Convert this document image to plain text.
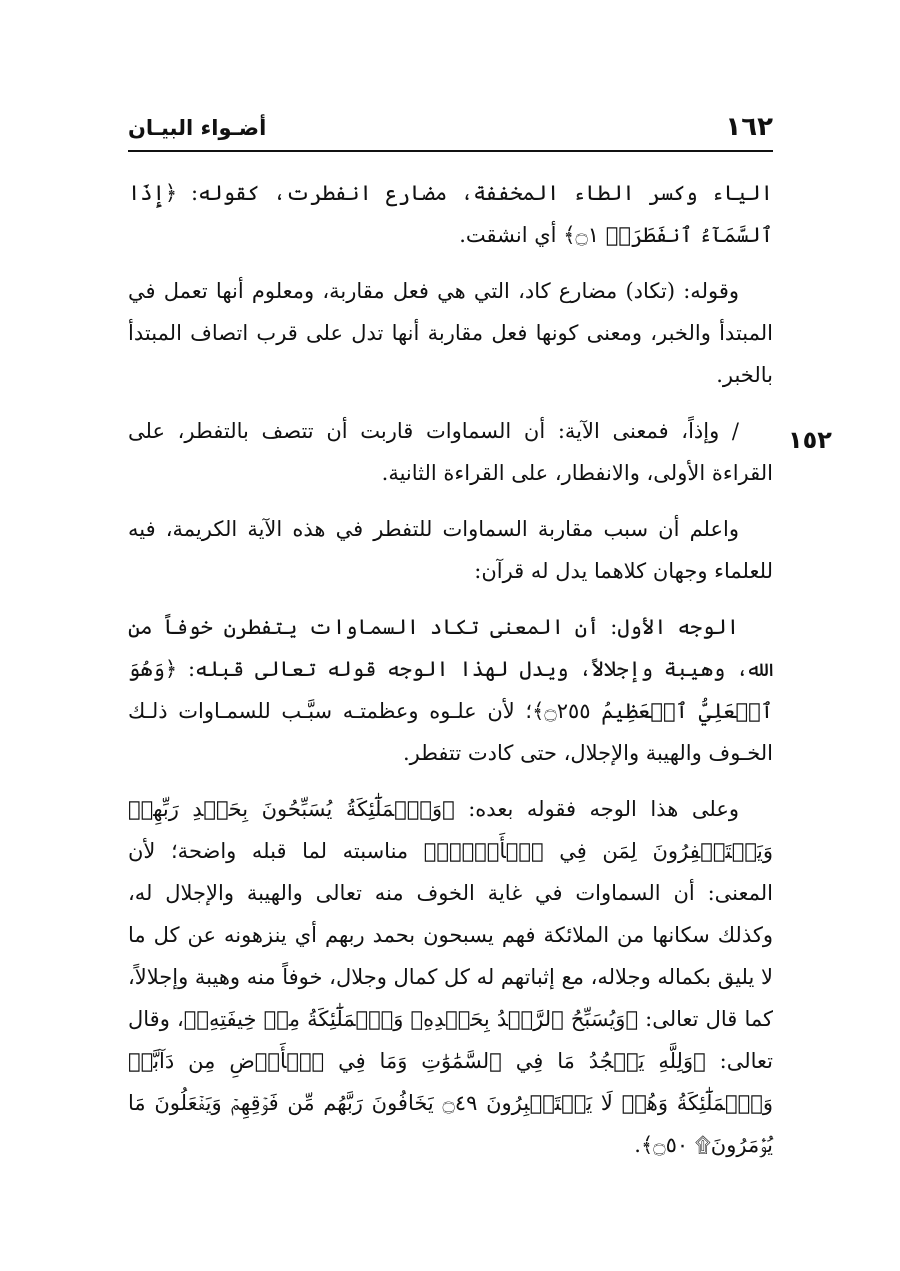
١٦٢
أضـواء البيـان
١٥٢

الياء وكسر الطاء المخففة، مضارع انفطرت، كقوله: ﴿إِذَا ٱلسَّمَآءُ ٱنفَطَرَتۡ ۝١﴾ أي انشقت.

وقوله: (تكاد) مضارع كاد، التي هي فعل مقاربة، ومعلوم أنها تعمل في المبتدأ والخبر، ومعنى كونها فعل مقاربة أنها تدل على قرب اتصاف المبتدأ بالخبر.

/ وإذاً، فمعنى الآية: أن السماوات قاربت أن تتصف بالتفطر، على القراءة الأولى، والانفطار، على القراءة الثانية.

واعلم أن سبب مقاربة السماوات للتفطر في هذه الآية الكريمة، فيه للعلماء وجهان كلاهما يدل له قرآن:

الوجه الأول: أن المعنى تكاد السماوات يتفطرن خوفاً من الله، وهيبة وإجلالاً، ويدل لهذا الوجه قوله تعالى قبله: ﴿وَهُوَ ٱلۡعَلِيُّ ٱلۡعَظِيمُ ۝٢٥٥﴾؛ لأن علـوه وعظمتـه سبَّـب للسمـاوات ذلـك الخـوف والهيبة والإجلال، حتى كادت تتفطر.

وعلى هذا الوجه فقوله بعده: ﴿وَٱلۡمَلَٰٓئِكَةُ يُسَبِّحُونَ بِحَمۡدِ رَبِّهِمۡ وَيَسۡتَغۡفِرُونَ لِمَن فِي ٱلۡأَرۡضِۗ﴾ مناسبته لما قبله واضحة؛ لأن المعنى: أن السماوات في غاية الخوف منه تعالى والهيبة والإجلال له، وكذلك سكانها من الملائكة فهم يسبحون بحمد ربهم أي ينزهونه عن كل ما لا يليق بكماله وجلاله، مع إثباتهم له كل كمال وجلال، خوفاً منه وهيبة وإجلالاً، كما قال تعالى: ﴿وَيُسَبِّحُ ٱلرَّعۡدُ بِحَمۡدِهِۦ وَٱلۡمَلَٰٓئِكَةُ مِنۡ خِيفَتِهِۦ﴾، وقال تعالى: ﴿وَلِلَّهِ يَسۡجُدُ مَا فِي ٱلسَّمَٰوَٰتِ وَمَا فِي ٱلۡأَرۡضِ مِن دَآبَّةٖ وَٱلۡمَلَٰٓئِكَةُ وَهُمۡ لَا يَسۡتَكۡبِرُونَ ۝٤٩ يَخَافُونَ رَبَّهُم مِّن فَوۡقِهِمۡ وَيَفۡعَلُونَ مَا يُؤۡمَرُونَ۩ ۝٥٠﴾.
